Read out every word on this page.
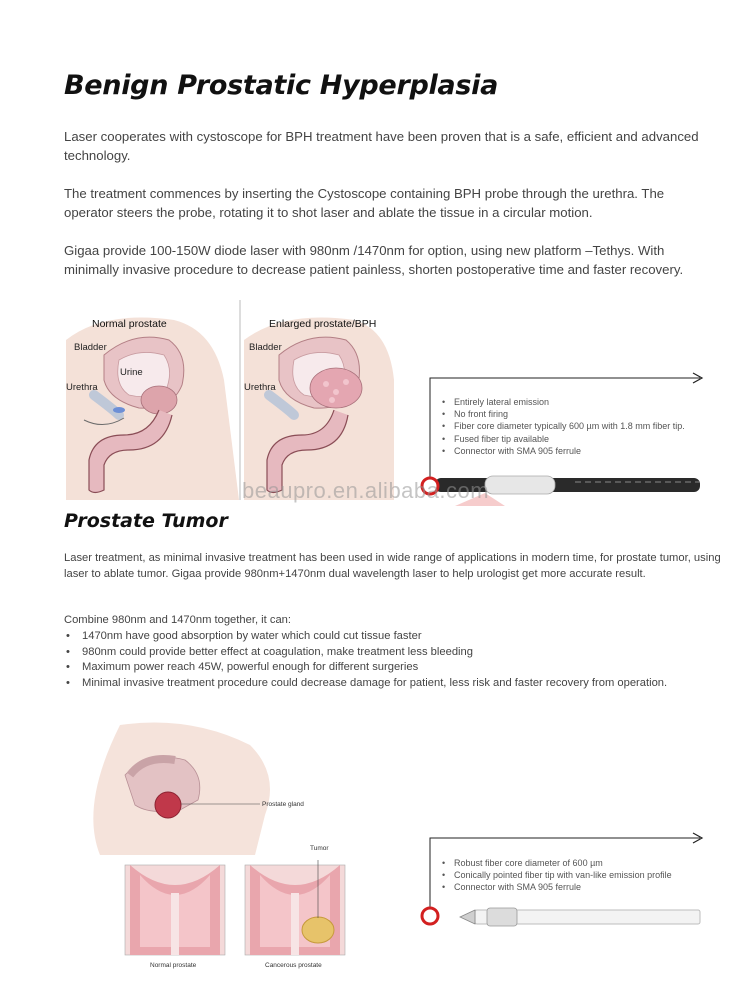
Benign Prostatic Hyperplasia

Laser cooperates with cystoscope for BPH treatment have been proven that is a safe, efficient and advanced technology.

The treatment commences by inserting the Cystoscope containing BPH probe through the urethra. The operator steers the probe, rotating it to shot laser and ablate the tissue in a circular motion.

Gigaa provide 100-150W diode laser with 980nm /1470nm for option, using new platform –Tethys. With minimally invasive procedure to decrease patient painless, shorten postoperative time and faster recovery.

Normal prostate	Enlarged prostate/BPH
Bladder
Urine
Urethra
Bladder
Urethra
• Entirely lateral emission
• No front firing
• Fiber core diameter typically 600 µm with 1.8 mm fiber tip.
• Fused fiber tip available
• Connector with SMA 905 ferrule
beaupro.en.alibaba.com
Prostate Tumor

Laser treatment, as minimal invasive treatment has been used in wide range of applications in modern time, for prostate tumor, using laser to ablate tumor. Gigaa provide 980nm+1470nm dual wavelength laser to help urologist get more accurate result.

Combine 980nm and 1470nm together, it can:

• 1470nm have good absorption by water which could cut tissue faster
• 980nm could provide better effect at coagulation, make treatment less bleeding
• Maximum power reach 45W, powerful enough for different surgeries
• Minimal invasive treatment procedure could decrease damage for patient, less risk and faster recovery from operation.
Prostate gland
Tumor
Normal prostate	Cancerous prostate
• Robust fiber core diameter of 600 µm
• Conically pointed fiber tip with van-like emission profile
• Connector with SMA 905 ferrule
